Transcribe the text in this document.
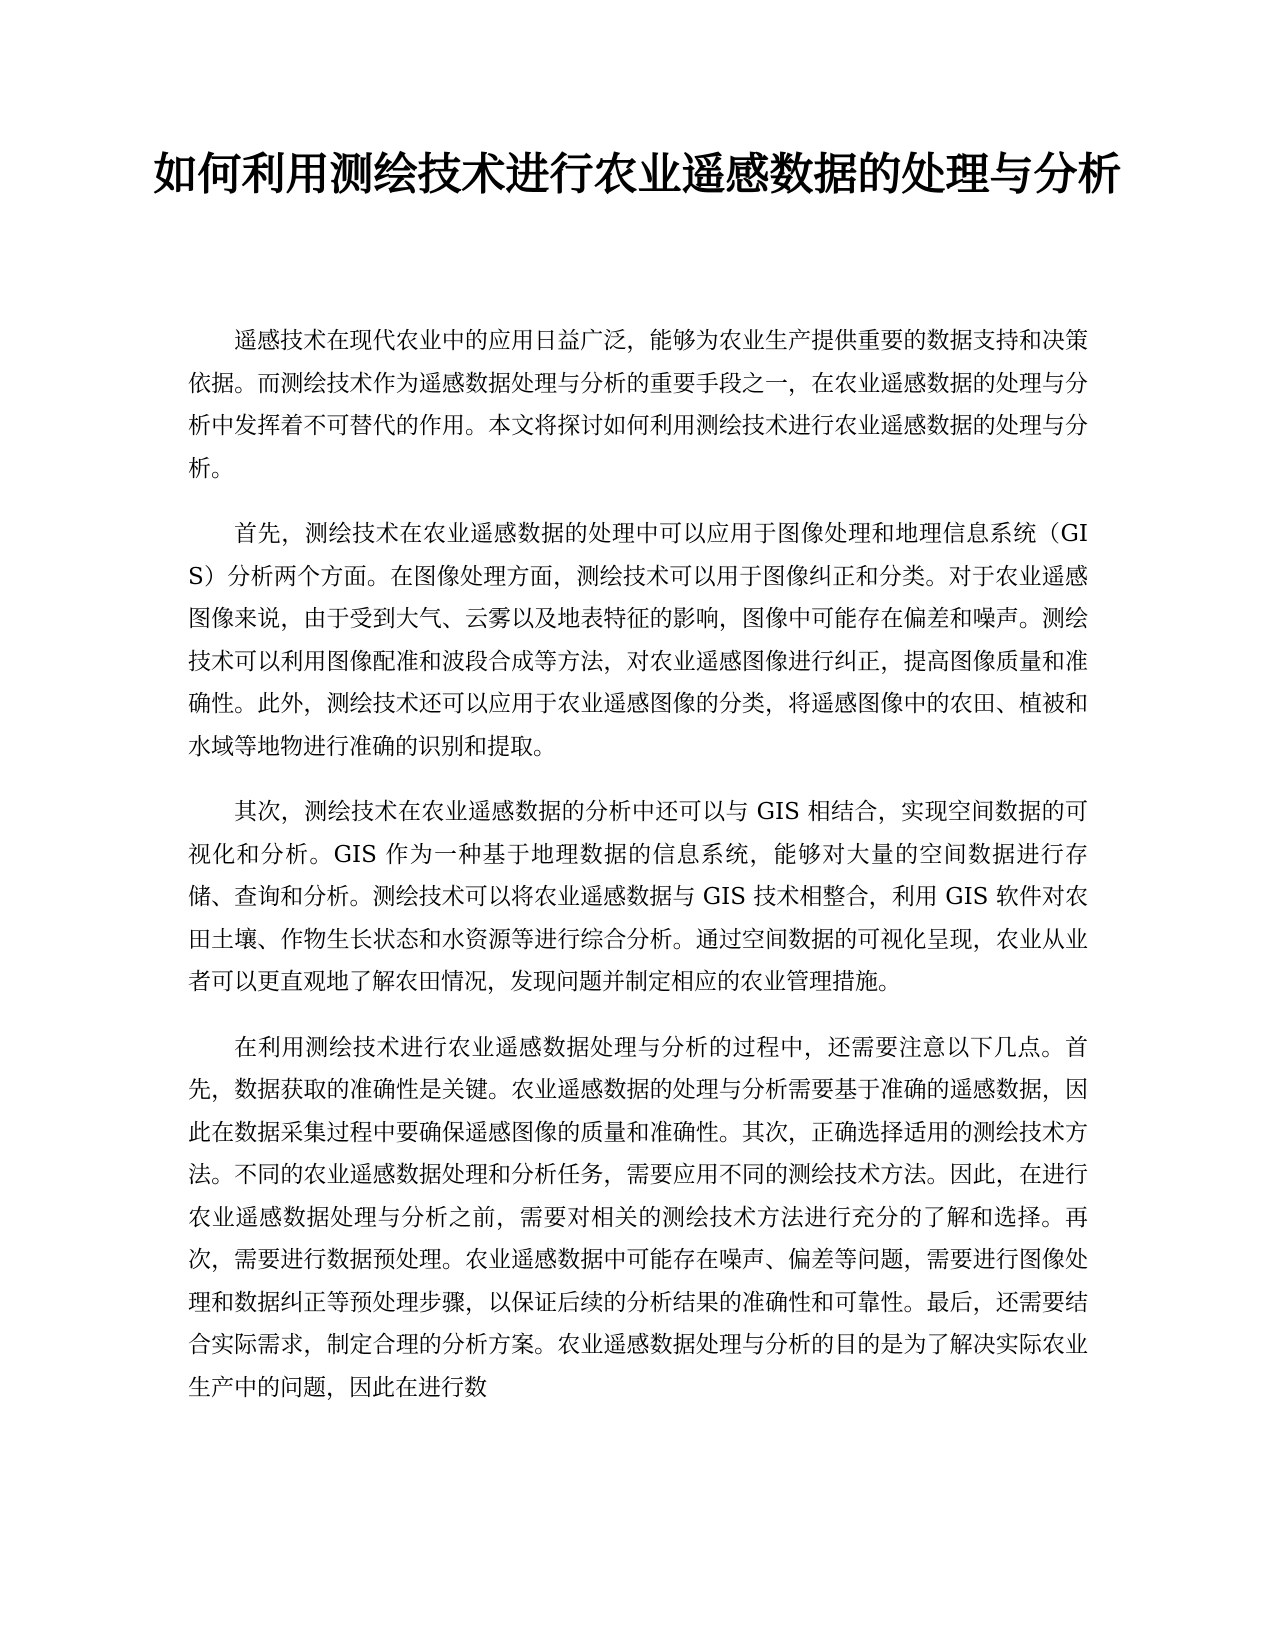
如何利用测绘技术进行农业遥感数据的处理与分析

遥感技术在现代农业中的应用日益广泛，能够为农业生产提供重要的数据支持和决策依据。而测绘技术作为遥感数据处理与分析的重要手段之一，在农业遥感数据的处理与分析中发挥着不可替代的作用。本文将探讨如何利用测绘技术进行农业遥感数据的处理与分析。

首先，测绘技术在农业遥感数据的处理中可以应用于图像处理和地理信息系统（GIS）分析两个方面。在图像处理方面，测绘技术可以用于图像纠正和分类。对于农业遥感图像来说，由于受到大气、云雾以及地表特征的影响，图像中可能存在偏差和噪声。测绘技术可以利用图像配准和波段合成等方法，对农业遥感图像进行纠正，提高图像质量和准确性。此外，测绘技术还可以应用于农业遥感图像的分类，将遥感图像中的农田、植被和水域等地物进行准确的识别和提取。

其次，测绘技术在农业遥感数据的分析中还可以与 GIS 相结合，实现空间数据的可视化和分析。GIS 作为一种基于地理数据的信息系统，能够对大量的空间数据进行存储、查询和分析。测绘技术可以将农业遥感数据与 GIS 技术相整合，利用 GIS 软件对农田土壤、作物生长状态和水资源等进行综合分析。通过空间数据的可视化呈现，农业从业者可以更直观地了解农田情况，发现问题并制定相应的农业管理措施。

在利用测绘技术进行农业遥感数据处理与分析的过程中，还需要注意以下几点。首先，数据获取的准确性是关键。农业遥感数据的处理与分析需要基于准确的遥感数据，因此在数据采集过程中要确保遥感图像的质量和准确性。其次，正确选择适用的测绘技术方法。不同的农业遥感数据处理和分析任务，需要应用不同的测绘技术方法。因此，在进行农业遥感数据处理与分析之前，需要对相关的测绘技术方法进行充分的了解和选择。再次，需要进行数据预处理。农业遥感数据中可能存在噪声、偏差等问题，需要进行图像处理和数据纠正等预处理步骤，以保证后续的分析结果的准确性和可靠性。最后，还需要结合实际需求，制定合理的分析方案。农业遥感数据处理与分析的目的是为了解决实际农业生产中的问题，因此在进行数
